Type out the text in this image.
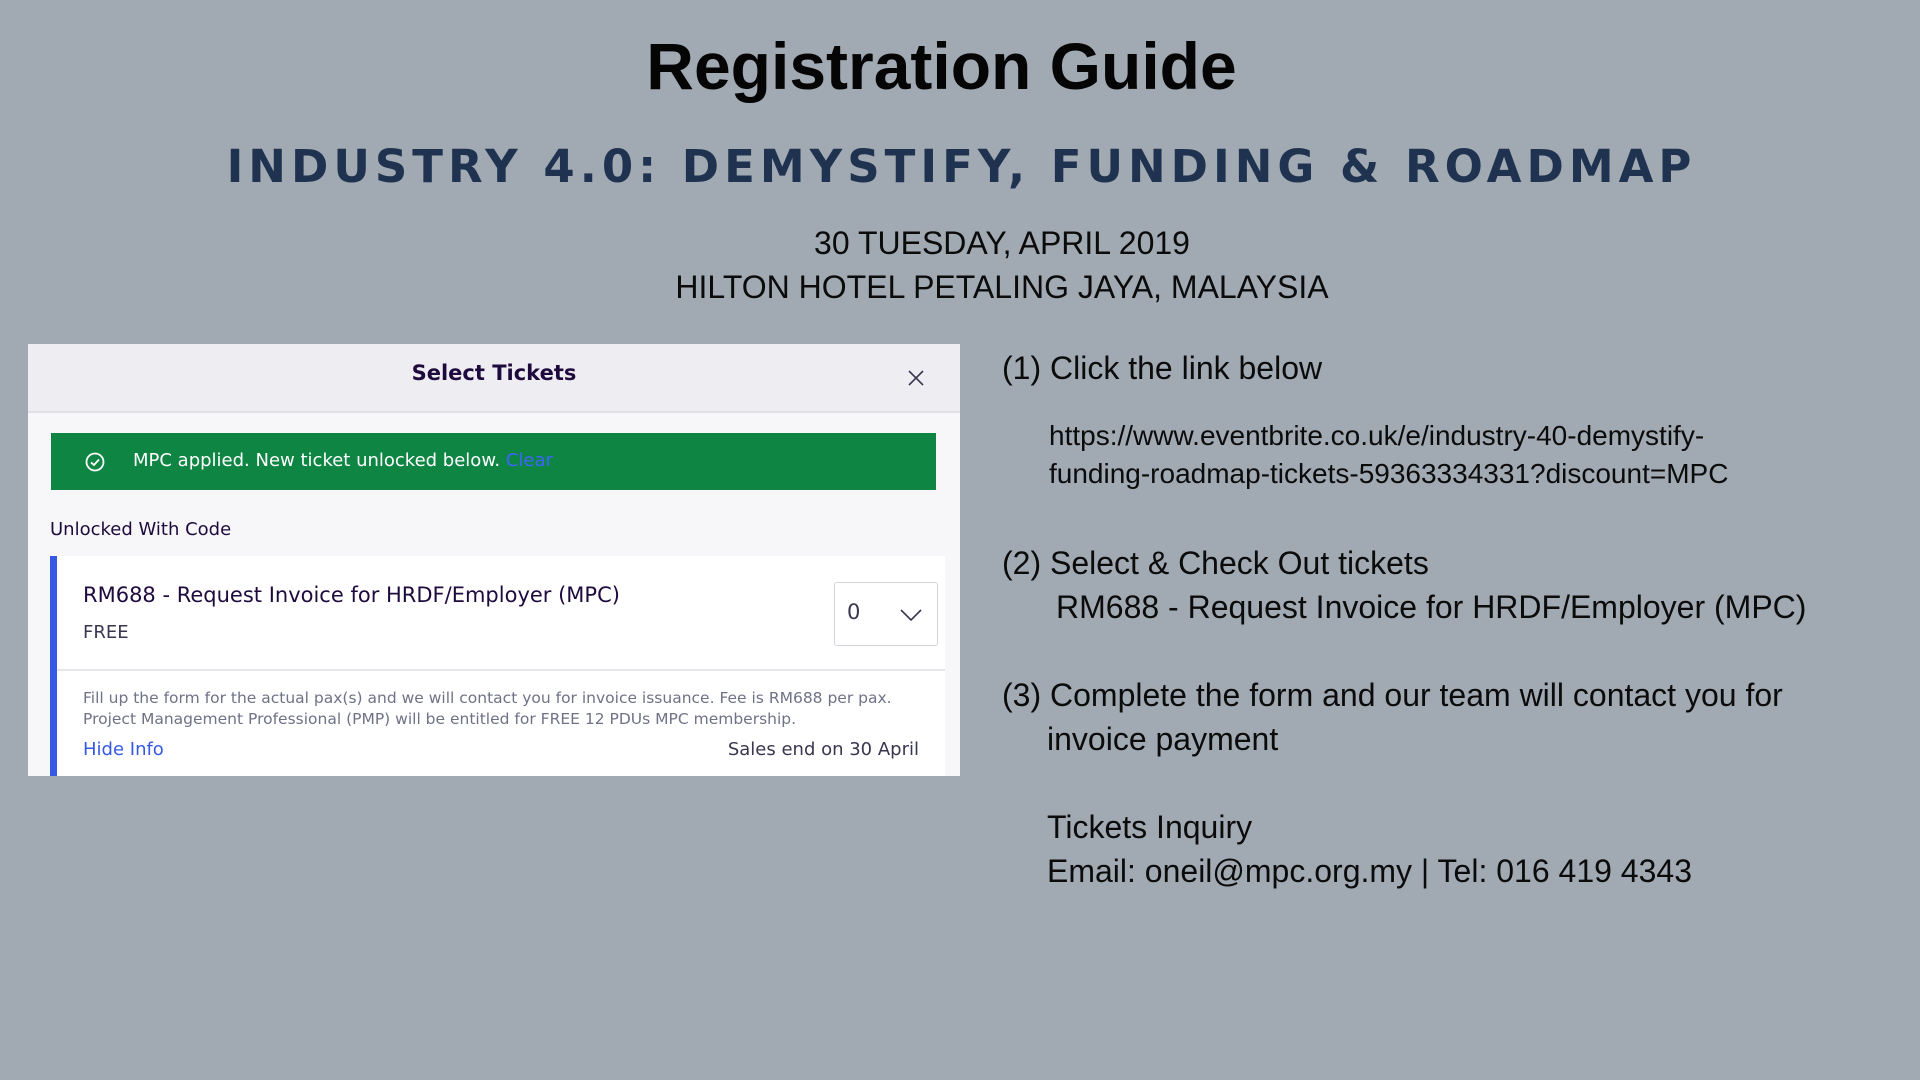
Registration Guide
INDUSTRY 4.0: DEMYSTIFY, FUNDING & ROADMAP
30 TUESDAY, APRIL 2019
HILTON HOTEL PETALING JAYA, MALAYSIA
Select Tickets
MPC applied. New ticket unlocked below. Clear
Unlocked With Code
RM688 - Request Invoice for HRDF/Employer (MPC)
FREE
0
Fill up the form for the actual pax(s) and we will contact you for invoice issuance. Fee is RM688 per pax. Project Management Professional (PMP) will be entitled for FREE 12 PDUs MPC membership.
Hide Info	Sales end on 30 April
(1) Click the link below
https://www.eventbrite.co.uk/e/industry-40-demystify-
funding-roadmap-tickets-59363334331?discount=MPC
(2) Select & Check Out tickets
RM688 - Request Invoice for HRDF/Employer (MPC)
(3) Complete the form and our team will contact you for
invoice payment
Tickets Inquiry
Email: oneil@mpc.org.my | Tel: 016 419 4343
